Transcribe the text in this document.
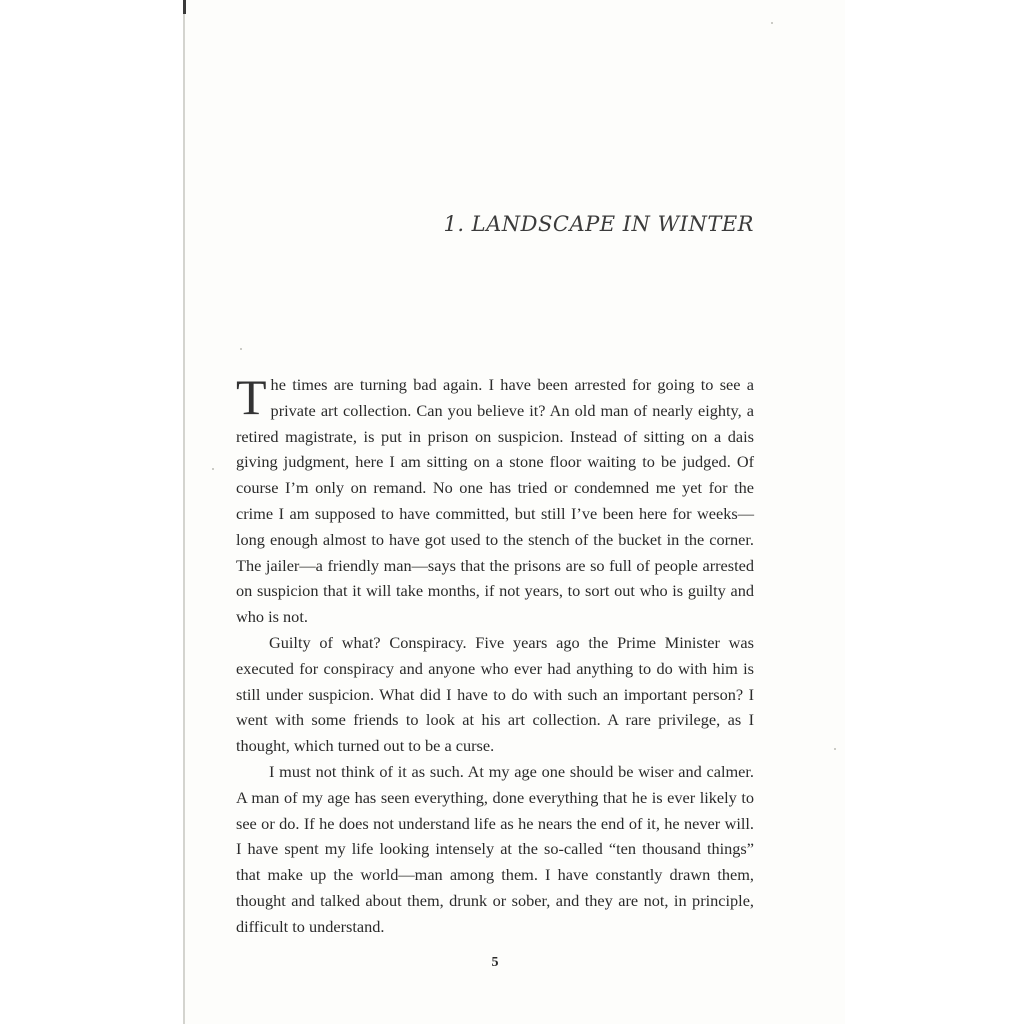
1. LANDSCAPE IN WINTER

The times are turning bad again. I have been arrested for going to see a private art collection. Can you believe it? An old man of nearly eighty, a retired magistrate, is put in prison on suspicion. Instead of sitting on a dais giving judgment, here I am sitting on a stone floor waiting to be judged. Of course I’m only on remand. No one has tried or condemned me yet for the crime I am supposed to have committed, but still I’ve been here for weeks—long enough almost to have got used to the stench of the bucket in the corner. The jailer—a friendly man—says that the prisons are so full of people arrested on suspicion that it will take months, if not years, to sort out who is guilty and who is not.

Guilty of what? Conspiracy. Five years ago the Prime Minister was executed for conspiracy and anyone who ever had anything to do with him is still under suspicion. What did I have to do with such an important person? I went with some friends to look at his art collection. A rare privilege, as I thought, which turned out to be a curse.

I must not think of it as such. At my age one should be wiser and calmer. A man of my age has seen everything, done everything that he is ever likely to see or do. If he does not understand life as he nears the end of it, he never will. I have spent my life looking intensely at the so-called “ten thousand things” that make up the world—man among them. I have constantly drawn them, thought and talked about them, drunk or sober, and they are not, in principle, difficult to understand.

5
